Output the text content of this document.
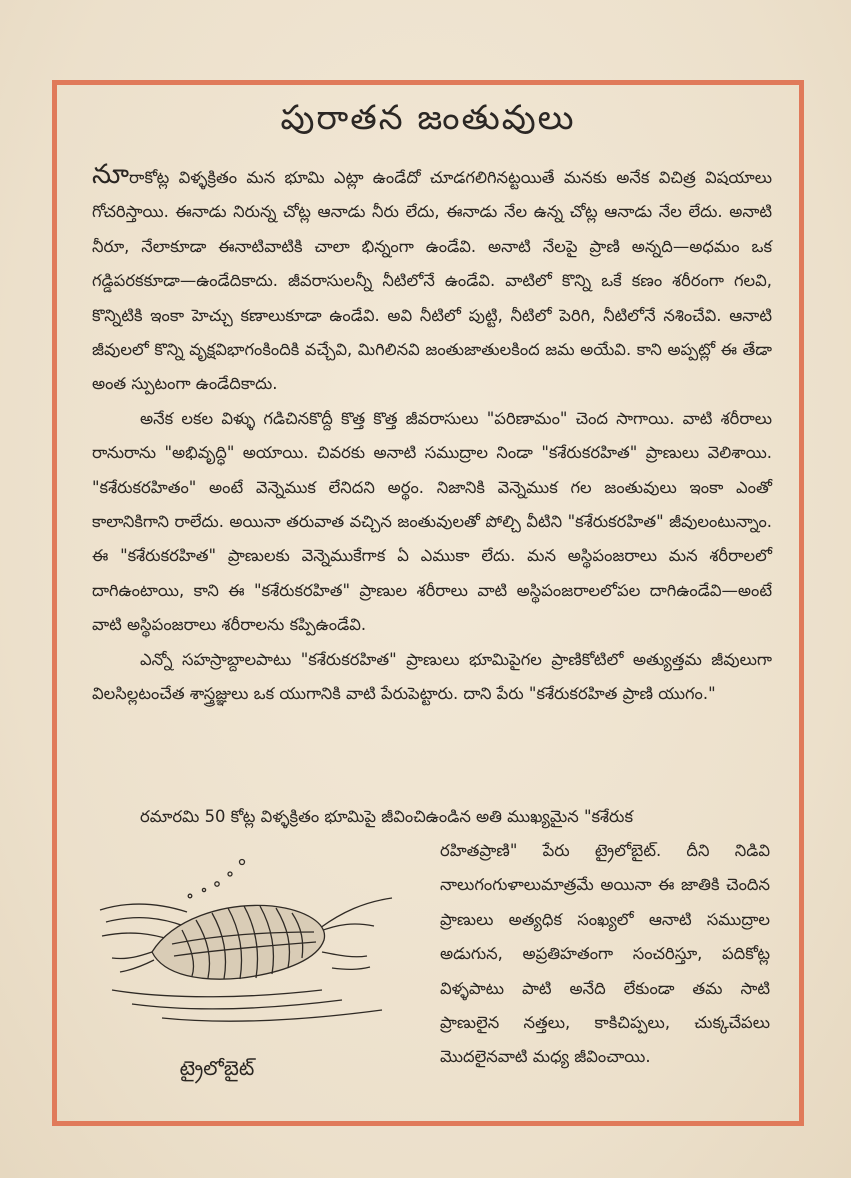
పురాతన జంతువులు

నూరాకోట్ల విళ్ళక్రితం మన భూమి ఎట్లా ఉండేదో చూడగలిగినట్టయితే మనకు అనేక విచిత్ర విషయాలు గోచరిస్తాయి. ఈనాడు నిరున్న చోట్ల ఆనాడు నీరు లేదు, ఈనాడు నేల ఉన్న చోట్ల ఆనాడు నేల లేదు. అనాటి నీరూ, నేలాకూడా ఈనాటివాటికి చాలా భిన్నంగా ఉండేవి. అనాటి నేలపై ప్రాణి అన్నది—అధమం ఒక గడ్డిపరకకూడా—ఉండేదికాదు. జీవరాసులన్నీ నీటిలోనే ఉండేవి. వాటిలో కొన్ని ఒకే కణం శరీరంగా గలవి, కొన్నిటికి ఇంకా హెచ్చు కణాలుకూడా ఉండేవి. అవి నీటిలో పుట్టి, నీటిలో పెరిగి, నీటిలోనే నశించేవి. ఆనాటి జీవులలో కొన్ని వృక్షవిభాగంకిందికి వచ్చేవి, మిగిలినవి జంతుజాతులకింద జమ అయేవి. కాని అప్పట్లో ఈ తేడా అంత స్పుటంగా ఉండేదికాదు.

అనేక లకల విళ్ళు గడిచినకొద్దీ కొత్త కొత్త జీవరాసులు "పరిణామం" చెంద సాగాయి. వాటి శరీరాలు రానురాను "అభివృద్ధి" అయాయి. చివరకు అనాటి సముద్రాల నిండా "కశేరుకరహిత" ప్రాణులు వెలిశాయి. "కశేరుకరహితం" అంటే వెన్నెముక లేనిదని అర్థం. నిజానికి వెన్నెముక గల జంతువులు ఇంకా ఎంతో కాలానికిగాని రాలేదు. అయినా తరువాత వచ్చిన జంతువులతో పోల్చి వీటిని "కశేరుకరహిత" జీవులంటున్నాం. ఈ "కశేరుకరహిత" ప్రాణులకు వెన్నెముకేగాక ఏ ఎముకా లేదు. మన అస్థిపంజరాలు మన శరీరాలలో దాగిఉంటాయి, కాని ఈ "కశేరుకరహిత" ప్రాణుల శరీరాలు వాటి అస్థిపంజరాలలోపల దాగిఉండేవి—అంటే వాటి అస్థిపంజరాలు శరీరాలను కప్పిఉండేవి.

ఎన్నో సహస్రాబ్దాలపాటు "కశేరుకరహిత" ప్రాణులు భూమిపైగల ప్రాణికోటిలో అత్యుత్తమ జీవులుగా విలసిల్లటంచేత శాస్త్రజ్ఞులు ఒక యుగానికి వాటి పేరుపెట్టారు. దాని పేరు "కశేరుకరహిత ప్రాణి యుగం."

రమారమి 50 కోట్ల విళ్ళక్రితం భూమిపై జీవించిఉండిన అతి ముఖ్యమైన "కశేరుక
ట్రైలోబైట్
రహితప్రాణి" పేరు ట్రైలోబైట్. దీని నిడివి నాలుగంగుళాలుమాత్రమే అయినా ఈ జాతికి చెందిన ప్రాణులు అత్యధిక సంఖ్యలో ఆనాటి సముద్రాల అడుగున, అప్రతిహతంగా సంచరిస్తూ, పదికోట్ల విళ్ళపాటు పాటి అనేది లేకుండా తమ సాటి ప్రాణులైన నత్తలు, కాకిచిప్పలు, చుక్కచేపలు మొదలైనవాటి మధ్య జీవించాయి.
